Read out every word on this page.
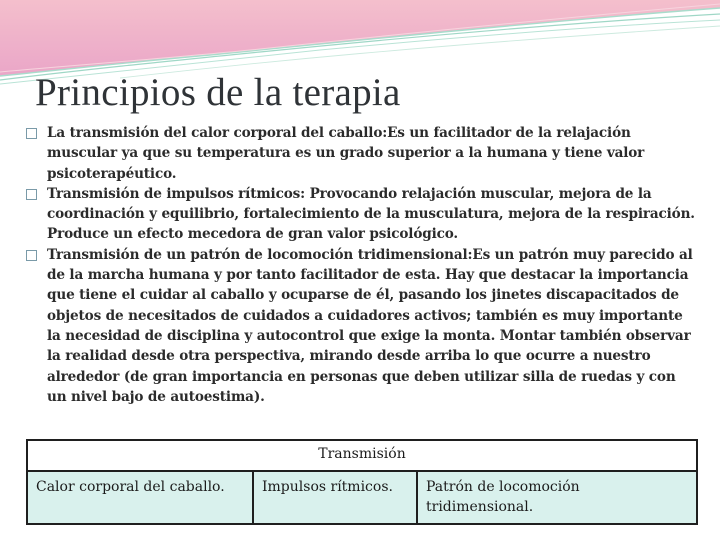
Principios de la terapia
La transmisión del calor corporal del caballo:Es un facilitador de la relajación muscular ya que su temperatura es un grado superior a la humana y tiene valor psicoterapéutico.
Transmisión de impulsos rítmicos: Provocando relajación muscular, mejora de la coordinación y equilibrio, fortalecimiento de la musculatura, mejora de la respiración. Produce un efecto mecedora de gran valor psicológico.
Transmisión de un patrón de locomoción tridimensional:Es un patrón muy parecido al de la marcha humana y por tanto facilitador de esta. Hay que destacar la importancia que tiene el cuidar al caballo y ocuparse de él, pasando los jinetes discapacitados de objetos de necesitados de cuidados a cuidadores activos; también es muy importante la necesidad de disciplina y autocontrol que exige la monta. Montar también observar la realidad desde otra perspectiva, mirando desde arriba lo que ocurre a nuestro alrededor (de gran importancia en personas que deben utilizar silla de ruedas y con un nivel bajo de autoestima).
Transmisión
Calor corporal del caballo.	Impulsos rítmicos.	Patrón de locomoción tridimensional.
